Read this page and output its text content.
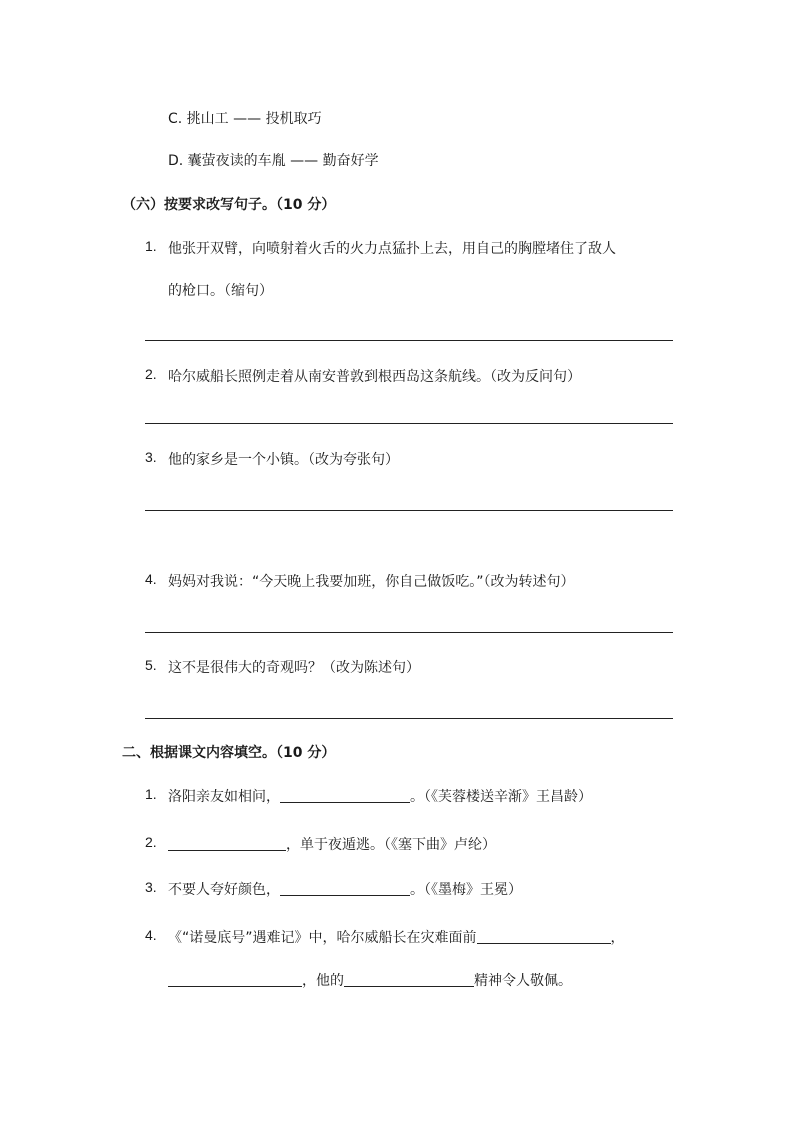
C. 挑山工 —— 投机取巧
D. 囊萤夜读的车胤 —— 勤奋好学
（六）按要求改写句子。（10 分）
1. 他张开双臂，向喷射着火舌的火力点猛扑上去，用自己的胸膛堵住了敌人
的枪口。（缩句）
2. 哈尔威船长照例走着从南安普敦到根西岛这条航线。（改为反问句）
3. 他的家乡是一个小镇。（改为夸张句）
4. 妈妈对我说：“今天晚上我要加班，你自己做饭吃。”（改为转述句）
5. 这不是很伟大的奇观吗？（改为陈述句）
二、根据课文内容填空。（10 分）
1. 洛阳亲友如相问，	。（《芙蓉楼送辛渐》王昌龄）
2.	，单于夜遁逃。（《塞下曲》卢纶）
3. 不要人夸好颜色，	。（《墨梅》王冕）
4. 《“诺曼底号”遇难记》中，哈尔威船长在灾难面前	，
，他的	精神令人敬佩。
